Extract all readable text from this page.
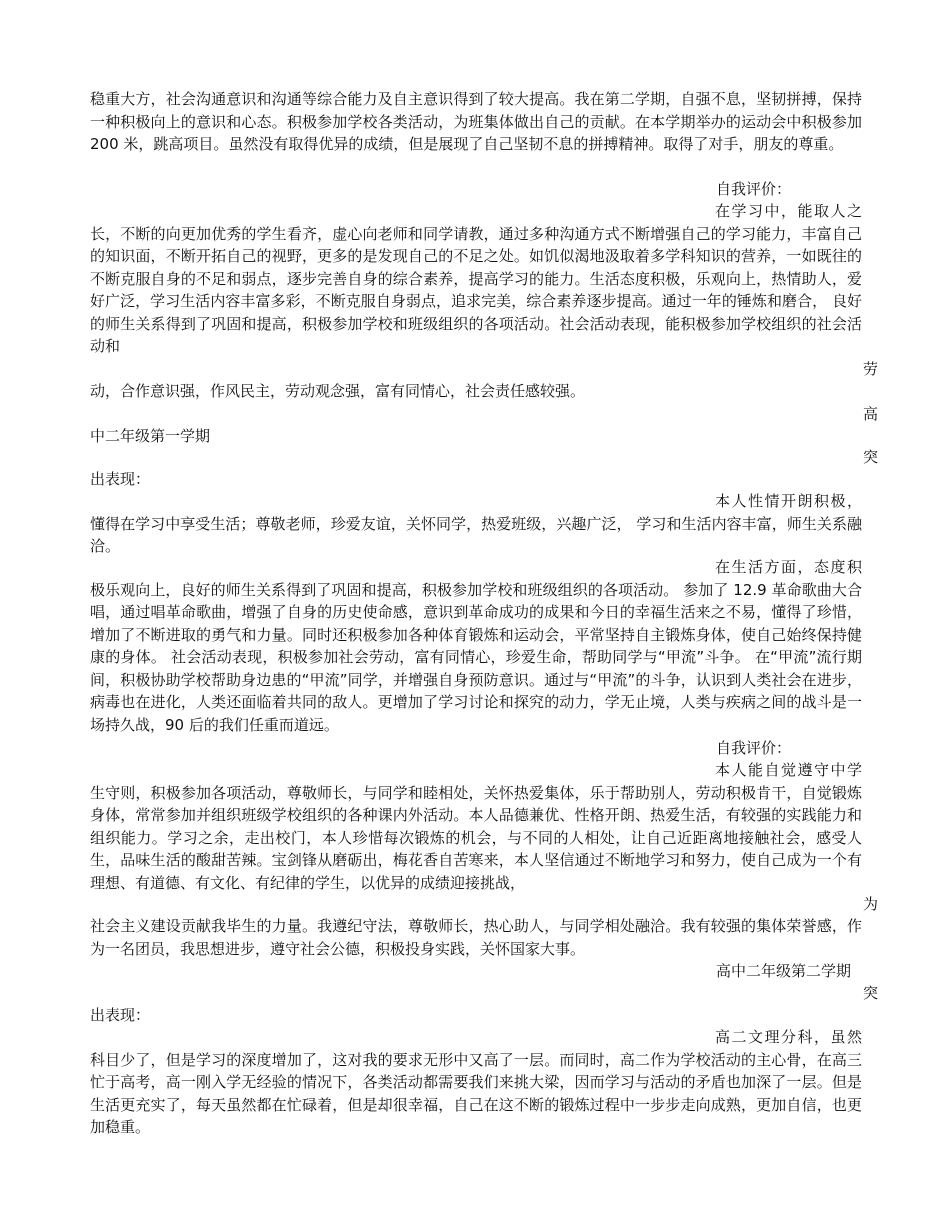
稳重大方，社会沟通意识和沟通等综合能力及自主意识得到了较大提高。我在第二学期，自强不息，坚韧拼搏，保持一种积极向上的意识和心态。积极参加学校各类活动，为班集体做出自己的贡献。在本学期举办的运动会中积极参加 200 米，跳高项目。虽然没有取得优异的成绩，但是展现了自己坚韧不息的拼搏精神。取得了对手，朋友的尊重。

自我评价：

在学习中，能取人之长，不断的向更加优秀的学生看齐，虚心向老师和同学请教，通过多种沟通方式不断增强自己的学习能力，丰富自己的知识面，不断开拓自己的视野，更多的是发现自己的不足之处。如饥似渴地汲取着多学科知识的营养，一如既往的不断克服自身的不足和弱点，逐步完善自身的综合素养，提高学习的能力。生活态度积极，乐观向上，热情助人，爱好广泛，学习生活内容丰富多彩，不断克服自身弱点，追求完美，综合素养逐步提高。通过一年的锤炼和磨合， 良好的师生关系得到了巩固和提高，积极参加学校和班级组织的各项活动。社会活动表现，能积极参加学校组织的社会活动和

劳

动，合作意识强，作风民主，劳动观念强，富有同情心，社会责任感较强。

高
中二年级第一学期
突
出表现：

本人性情开朗积极，懂得在学习中享受生活；尊敬老师，珍爱友谊，关怀同学，热爱班级，兴趣广泛， 学习和生活内容丰富，师生关系融洽。

在生活方面，态度积极乐观向上，良好的师生关系得到了巩固和提高，积极参加学校和班级组织的各项活动。 参加了 12.9 革命歌曲大合唱，通过唱革命歌曲，增强了自身的历史使命感，意识到革命成功的成果和今日的幸福生活来之不易，懂得了珍惜，增加了不断进取的勇气和力量。同时还积极参加各种体育锻炼和运动会，平常坚持自主锻炼身体，使自己始终保持健康的身体。 社会活动表现，积极参加社会劳动，富有同情心，珍爱生命，帮助同学与“甲流”斗争。 在“甲流”流行期间，积极协助学校帮助身边患的“甲流”同学，并增强自身预防意识。通过与“甲流”的斗争，认识到人类社会在进步，病毒也在进化，人类还面临着共同的敌人。更增加了学习讨论和探究的动力，学无止境，人类与疾病之间的战斗是一场持久战，90 后的我们任重而道远。

自我评价：

本人能自觉遵守中学生守则，积极参加各项活动，尊敬师长，与同学和睦相处，关怀热爱集体，乐于帮助别人，劳动积极肯干，自觉锻炼身体，常常参加并组织班级学校组织的各种课内外活动。本人品德兼优、性格开朗、热爱生活，有较强的实践能力和组织能力。学习之余，走出校门，本人珍惜每次锻炼的机会，与不同的人相处，让自己近距离地接触社会，感受人生，品味生活的酸甜苦辣。宝剑锋从磨砺出，梅花香自苦寒来，本人坚信通过不断地学习和努力，使自己成为一个有理想、有道德、有文化、有纪律的学生，以优异的成绩迎接挑战，

为

社会主义建设贡献我毕生的力量。我遵纪守法，尊敬师长，热心助人，与同学相处融洽。我有较强的集体荣誉感，作为一名团员，我思想进步，遵守社会公德，积极投身实践，关怀国家大事。

高中二年级第二学期
突
出表现：

高二文理分科，虽然科目少了，但是学习的深度增加了，这对我的要求无形中又高了一层。而同时，高二作为学校活动的主心骨，在高三忙于高考，高一刚入学无经验的情况下，各类活动都需要我们来挑大梁，因而学习与活动的矛盾也加深了一层。但是生活更充实了，每天虽然都在忙碌着，但是却很幸福，自己在这不断的锻炼过程中一步步走向成熟，更加自信，也更加稳重。
